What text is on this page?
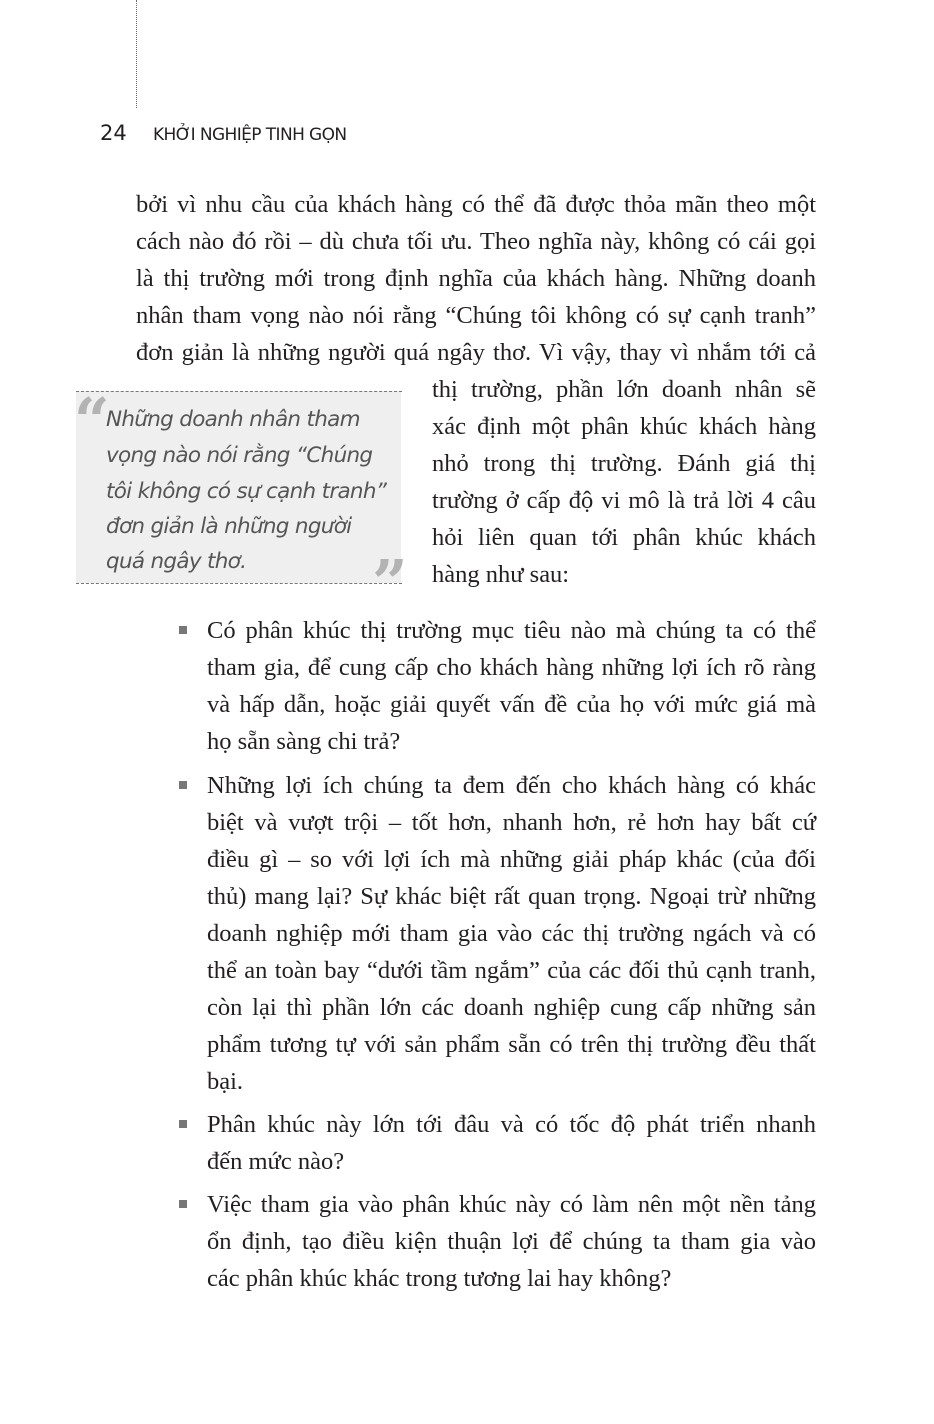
24 KHỞI NGHIỆP TINH GỌN
bởi vì nhu cầu của khách hàng có thể đã được thỏa mãn theo một
cách nào đó rồi – dù chưa tối ưu. Theo nghĩa này, không có cái gọi
là thị trường mới trong định nghĩa của khách hàng. Những doanh
nhân tham vọng nào nói rằng “Chúng tôi không có sự cạnh tranh”
đơn giản là những người quá ngây thơ. Vì vậy, thay vì nhắm tới cả
thị trường, phần lớn doanh nhân sẽ
xác định một phân khúc khách hàng
nhỏ trong thị trường. Đánh giá thị
trường ở cấp độ vi mô là trả lời 4 câu
hỏi liên quan tới phân khúc khách
hàng như sau:
“
”
Những doanh nhân tham
vọng nào nói rằng “Chúng
tôi không có sự cạnh tranh”
đơn giản là những người
quá ngây thơ.
Có phân khúc thị trường mục tiêu nào mà chúng ta có thể
tham gia, để cung cấp cho khách hàng những lợi ích rõ ràng
và hấp dẫn, hoặc giải quyết vấn đề của họ với mức giá mà
họ sẵn sàng chi trả?
Những lợi ích chúng ta đem đến cho khách hàng có khác
biệt và vượt trội – tốt hơn, nhanh hơn, rẻ hơn hay bất cứ
điều gì – so với lợi ích mà những giải pháp khác (của đối
thủ) mang lại? Sự khác biệt rất quan trọng. Ngoại trừ những
doanh nghiệp mới tham gia vào các thị trường ngách và có
thể an toàn bay “dưới tầm ngắm” của các đối thủ cạnh tranh,
còn lại thì phần lớn các doanh nghiệp cung cấp những sản
phẩm tương tự với sản phẩm sẵn có trên thị trường đều thất
bại.
Phân khúc này lớn tới đâu và có tốc độ phát triển nhanh
đến mức nào?
Việc tham gia vào phân khúc này có làm nên một nền tảng
ổn định, tạo điều kiện thuận lợi để chúng ta tham gia vào
các phân khúc khác trong tương lai hay không?
